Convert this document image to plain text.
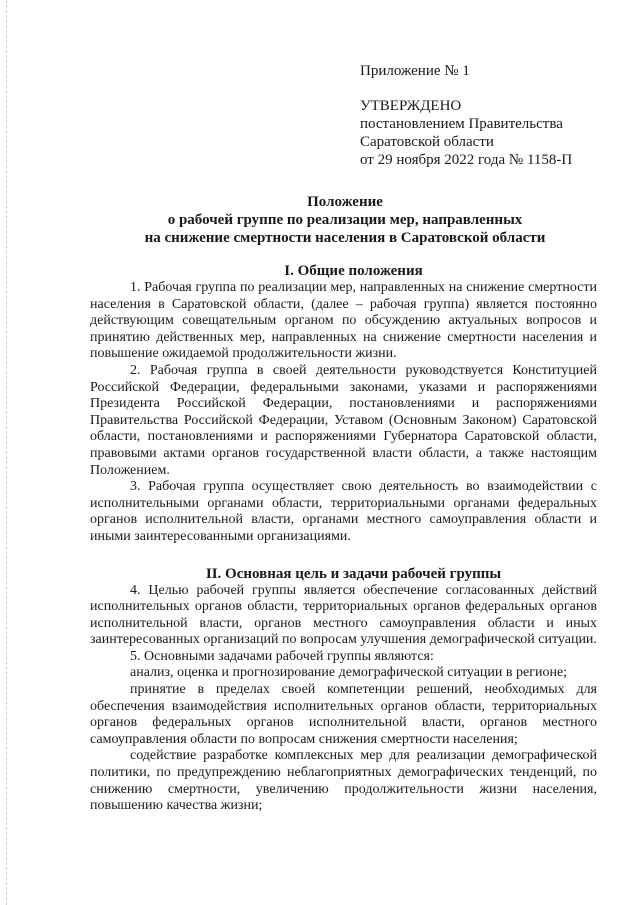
Приложение № 1
УТВЕРЖДЕНО
постановлением Правительства
Саратовской области
от 29 ноября 2022 года № 1158-П
Положение
о рабочей группе по реализации мер, направленных
на снижение смертности населения в Саратовской области
I. Общие положения

1. Рабочая группа по реализации мер, направленных на снижение смертности населения в Саратовской области, (далее – рабочая группа) является постоянно действующим совещательным органом по обсуждению актуальных вопросов и принятию действенных мер, направленных на снижение смертности населения и повышение ожидаемой продолжительности жизни.

2. Рабочая группа в своей деятельности руководствуется Конституцией Российской Федерации, федеральными законами, указами и распоряжениями Президента Российской Федерации, постановлениями и распоряжениями Правительства Российской Федерации, Уставом (Основным Законом) Саратовской области, постановлениями и распоряжениями Губернатора Саратовской области, правовыми актами органов государственной власти области, а также настоящим Положением.

3. Рабочая группа осуществляет свою деятельность во взаимодействии с исполнительными органами области, территориальными органами федеральных органов исполнительной власти, органами местного самоуправления области и иными заинтересованными организациями.

II. Основная цель и задачи рабочей группы

4. Целью рабочей группы является обеспечение согласованных действий исполнительных органов области, территориальных органов федеральных органов исполнительной власти, органов местного самоуправления области и иных заинтересованных организаций по вопросам улучшения демографической ситуации.

5. Основными задачами рабочей группы являются:

анализ, оценка и прогнозирование демографической ситуации в регионе;

принятие в пределах своей компетенции решений, необходимых для обеспечения взаимодействия исполнительных органов области, территориальных органов федеральных органов исполнительной власти, органов местного самоуправления области по вопросам снижения смертности населения;

содействие разработке комплексных мер для реализации демографической политики, по предупреждению неблагоприятных демографических тенденций, по снижению смертности, увеличению продолжительности жизни населения, повышению качества жизни;
